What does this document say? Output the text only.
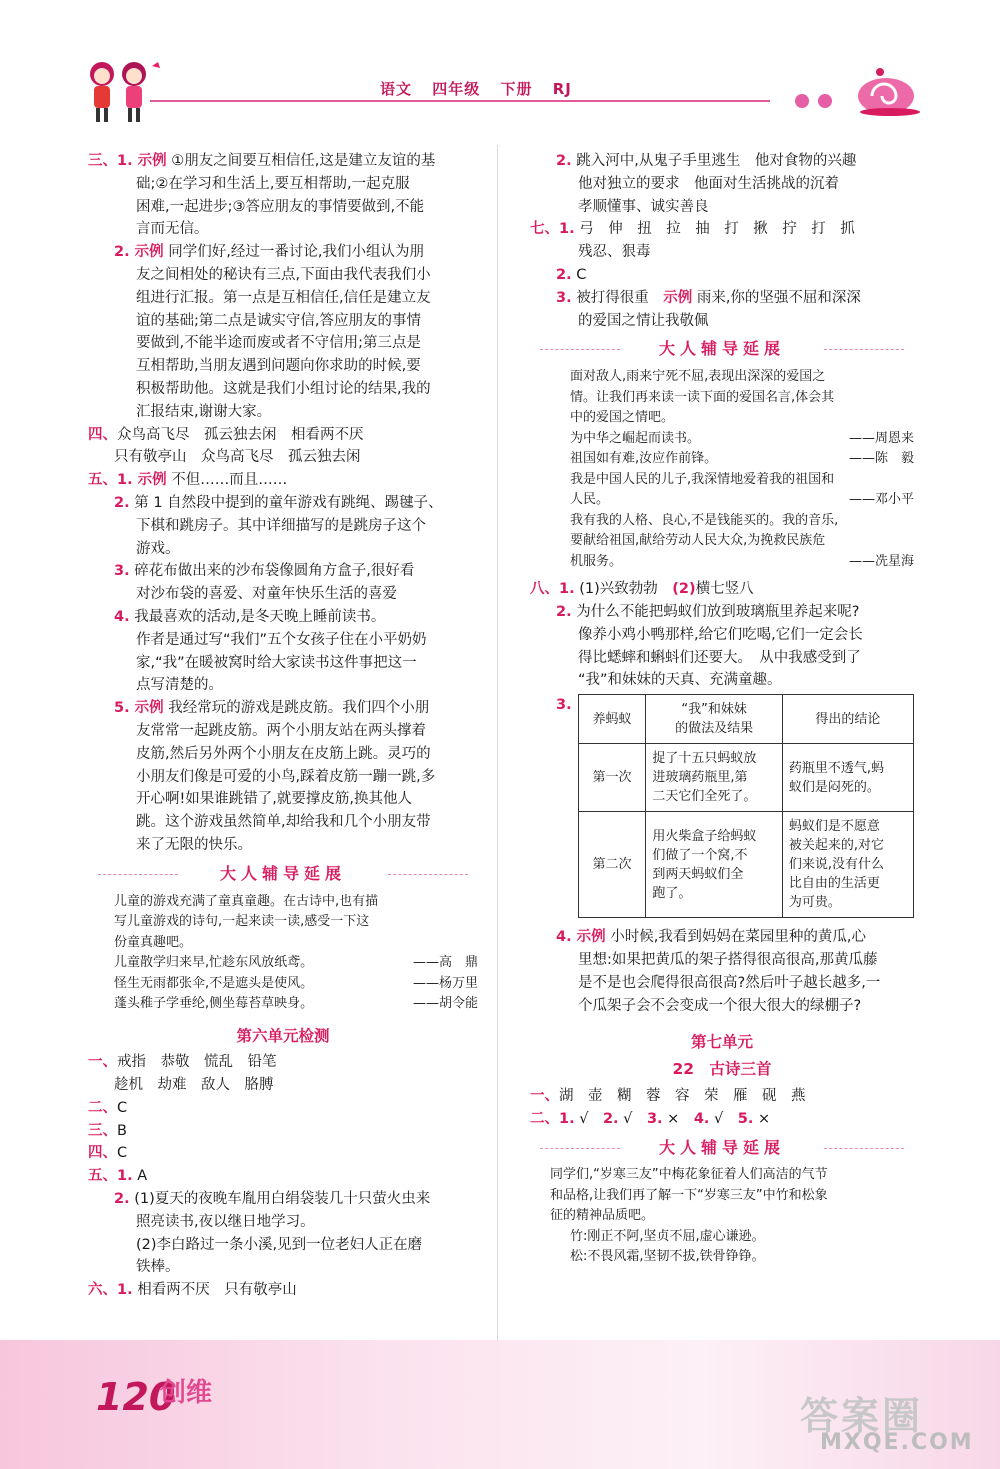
语文 四年级 下册 RJ
三、1. 示例 ①朋友之间要互相信任,这是建立友谊的基
础;②在学习和生活上,要互相帮助,一起克服
困难,一起进步;③答应朋友的事情要做到,不能
言而无信。
2. 示例 同学们好,经过一番讨论,我们小组认为朋
友之间相处的秘诀有三点,下面由我代表我们小
组进行汇报。第一点是互相信任,信任是建立友
谊的基础;第二点是诚实守信,答应朋友的事情
要做到,不能半途而废或者不守信用;第三点是
互相帮助,当朋友遇到问题向你求助的时候,要
积极帮助他。这就是我们小组讨论的结果,我的
汇报结束,谢谢大家。
四、众鸟高飞尽　孤云独去闲　相看两不厌
只有敬亭山　众鸟高飞尽　孤云独去闲
五、1. 示例 不但……而且……
2. 第 1 自然段中提到的童年游戏有跳绳、踢毽子、
下棋和跳房子。其中详细描写的是跳房子这个
游戏。
3. 碎花布做出来的沙布袋像圆角方盒子,很好看
对沙布袋的喜爱、对童年快乐生活的喜爱
4. 我最喜欢的活动,是冬天晚上睡前读书。
作者是通过写“我们”五个女孩子住在小平奶奶
家,“我”在暖被窝时给大家读书这件事把这一
点写清楚的。
5. 示例 我经常玩的游戏是跳皮筋。我们四个小朋
友常常一起跳皮筋。两个小朋友站在两头撑着
皮筋,然后另外两个小朋友在皮筋上跳。灵巧的
小朋友们像是可爱的小鸟,踩着皮筋一蹦一跳,多
开心啊!如果谁跳错了,就要撑皮筋,换其他人
跳。这个游戏虽然简单,却给我和几个小朋友带
来了无限的快乐。
大人辅导延展
儿童的游戏充满了童真童趣。在古诗中,也有描
写儿童游戏的诗句,一起来读一读,感受一下这
份童真趣吧。
儿童散学归来早,忙趁东风放纸鸢。	——高　鼎
怪生无雨都张伞,不是遮头是使风。	——杨万里
蓬头稚子学垂纶,侧坐莓苔草映身。	——胡令能
第六单元检测
一、戒指　恭敬　慌乱　铅笔
趁机　劫难　敌人　胳膊
二、C
三、B
四、C
五、1. A
2. (1)夏天的夜晚车胤用白绢袋装几十只萤火虫来
照亮读书,夜以继日地学习。
(2)李白路过一条小溪,见到一位老妇人正在磨
铁棒。
六、1. 相看两不厌　只有敬亭山
2. 跳入河中,从鬼子手里逃生　他对食物的兴趣
他对独立的要求　他面对生活挑战的沉着
孝顺懂事、诚实善良
七、1. 弓　伸　扭　拉　抽　打　揪　拧　打　抓
残忍、狠毒
2. C
3. 被打得很重　示例 雨来,你的坚强不屈和深深
的爱国之情让我敬佩
大人辅导延展
面对敌人,雨来宁死不屈,表现出深深的爱国之
情。让我们再来读一读下面的爱国名言,体会其
中的爱国之情吧。
为中华之崛起而读书。	——周恩来
祖国如有难,汝应作前锋。	——陈　毅
我是中国人民的儿子,我深情地爱着我的祖国和
人民。	——邓小平
我有我的人格、良心,不是钱能买的。我的音乐,
要献给祖国,献给劳动人民大众,为挽救民族危
机服务。	——冼星海
八、1. (1)兴致勃勃　(2)横七竖八
2. 为什么不能把蚂蚁们放到玻璃瓶里养起来呢?
像养小鸡小鸭那样,给它们吃喝,它们一定会长
得比蟋蟀和蝌蚪们还要大。　从中我感受到了
“我”和妹妹的天真、充满童趣。
3.
养蚂蚁	“我”和妹妹
的做法及结果	得出的结论
第一次	捉了十五只蚂蚁放
进玻璃药瓶里,第
二天它们全死了。	药瓶里不透气,蚂
蚁们是闷死的。
第二次	用火柴盒子给蚂蚁
们做了一个窝,不
到两天蚂蚁们全
跑了。	蚂蚁们是不愿意
被关起来的,对它
们来说,没有什么
比自由的生活更
为可贵。
4. 示例 小时候,我看到妈妈在菜园里种的黄瓜,心
里想:如果把黄瓜的架子搭得很高很高,那黄瓜藤
是不是也会爬得很高很高?然后叶子越长越多,一
个瓜架子会不会变成一个很大很大的绿棚子?
第七单元
22　古诗三首
一、湖　壶　糊　蓉　容　荣　雁　砚　燕
二、1. √　2. √　3. ×　4. √　5. ×
大人辅导延展
同学们,“岁寒三友”中梅花象征着人们高洁的气节
和品格,让我们再了解一下“岁寒三友”中竹和松象
征的精神品质吧。
竹:刚正不阿,坚贞不屈,虚心谦逊。
松:不畏风霜,坚韧不拔,铁骨铮铮。
120
创维
答案圈
MXQE.COM
